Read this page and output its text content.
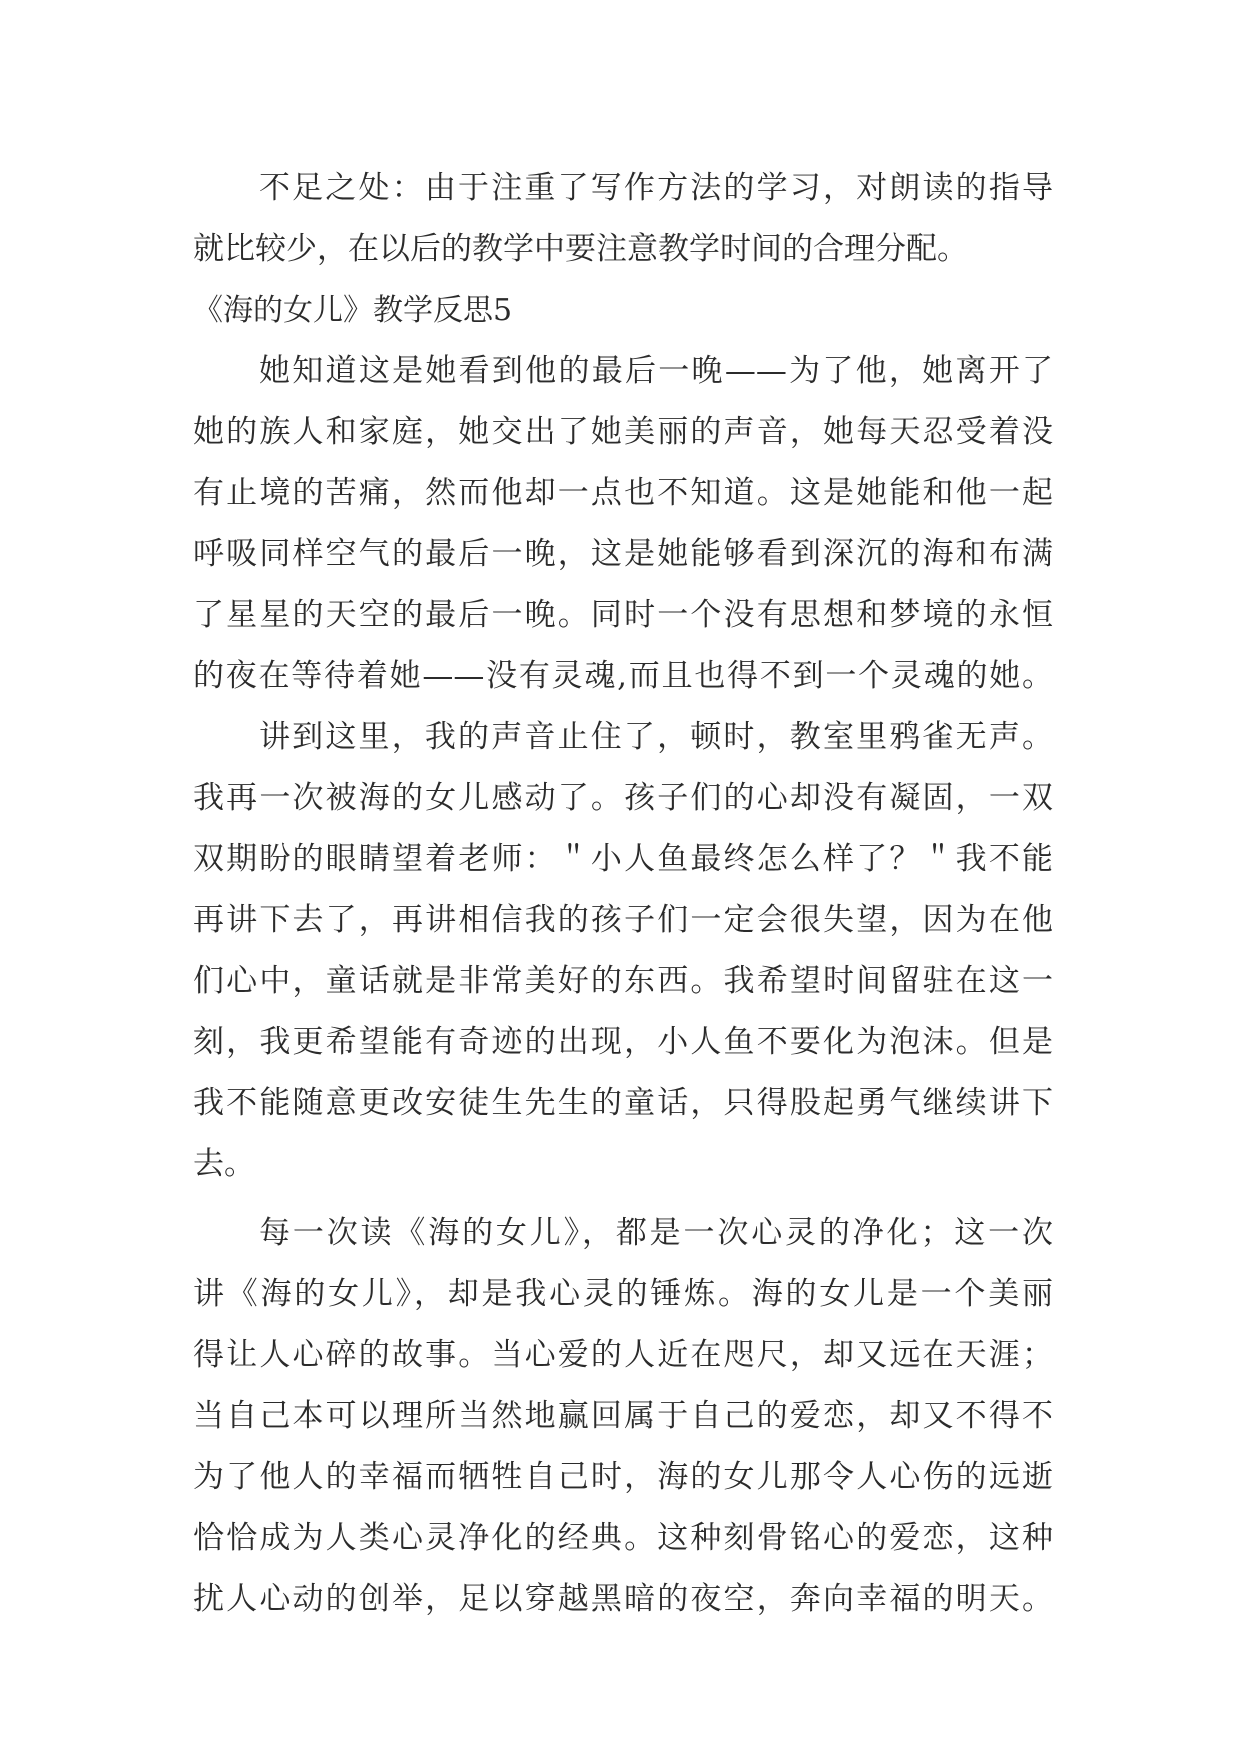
不足之处：由于注重了写作方法的学习，对朗读的指导
就比较少，在以后的教学中要注意教学时间的合理分配。
《海的女儿》教学反思5
她知道这是她看到他的最后一晚——为了他，她离开了
她的族人和家庭，她交出了她美丽的声音，她每天忍受着没
有止境的苦痛，然而他却一点也不知道。这是她能和他一起
呼吸同样空气的最后一晚，这是她能够看到深沉的海和布满
了星星的天空的最后一晚。同时一个没有思想和梦境的永恒
的夜在等待着她——没有灵魂,而且也得不到一个灵魂的她。
讲到这里，我的声音止住了，顿时，教室里鸦雀无声。
我再一次被海的女儿感动了。孩子们的心却没有凝固，一双
双期盼的眼睛望着老师：＂小人鱼最终怎么样了？＂我不能
再讲下去了，再讲相信我的孩子们一定会很失望，因为在他
们心中，童话就是非常美好的东西。我希望时间留驻在这一
刻，我更希望能有奇迹的出现，小人鱼不要化为泡沫。但是
我不能随意更改安徒生先生的童话，只得股起勇气继续讲下
去。
每一次读《海的女儿》，都是一次心灵的净化；这一次
讲《海的女儿》，却是我心灵的锤炼。海的女儿是一个美丽
得让人心碎的故事。当心爱的人近在咫尺，却又远在天涯；
当自己本可以理所当然地赢回属于自己的爱恋，却又不得不
为了他人的幸福而牺牲自己时，海的女儿那令人心伤的远逝
恰恰成为人类心灵净化的经典。这种刻骨铭心的爱恋，这种
扰人心动的创举，足以穿越黑暗的夜空，奔向幸福的明天。
